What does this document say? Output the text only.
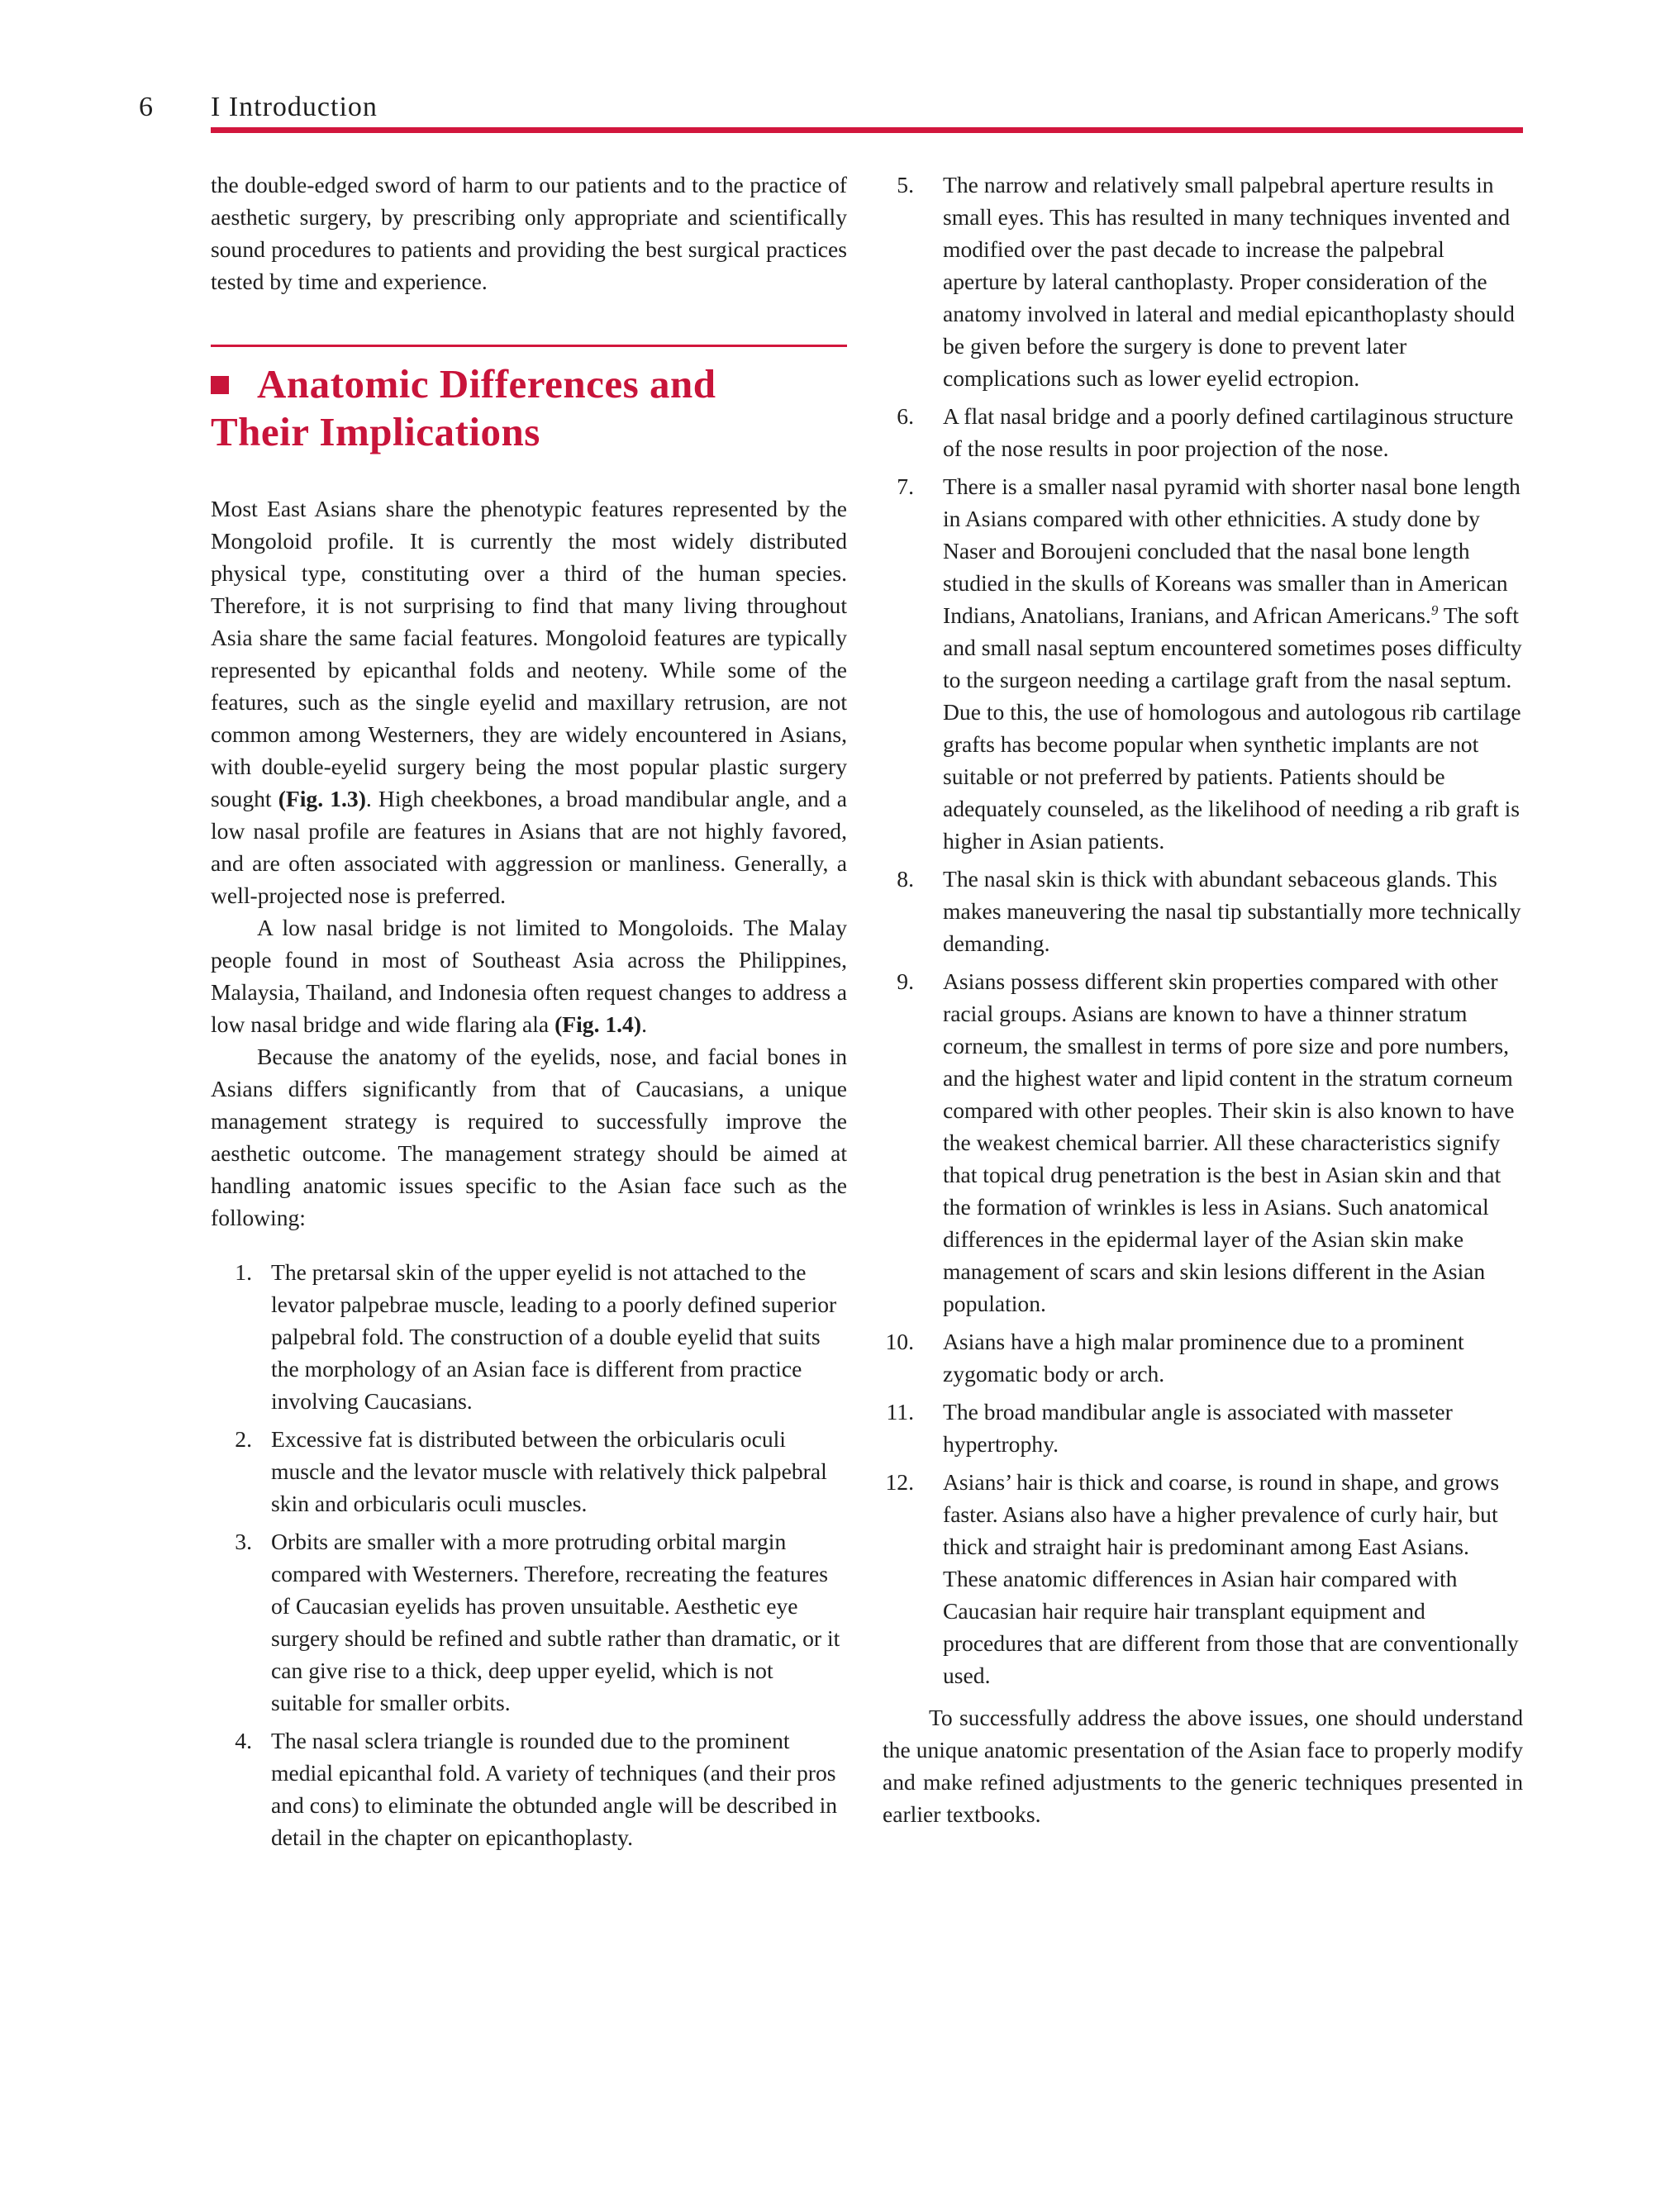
6 I Introduction

the double-edged sword of harm to our patients and to the practice of aesthetic surgery, by prescribing only appropriate and scientifically sound procedures to patients and providing the best surgical practices tested by time and experience.

Anatomic Differences and
Their Implications

Most East Asians share the phenotypic features represented by the Mongoloid profile. It is currently the most widely distributed physical type, constituting over a third of the human species. Therefore, it is not surprising to find that many living throughout Asia share the same facial features. Mongoloid features are typically represented by epicanthal folds and neoteny. While some of the features, such as the single eyelid and maxillary retrusion, are not common among Westerners, they are widely encountered in Asians, with double-eyelid surgery being the most popular plastic surgery sought (Fig. 1.3). High cheekbones, a broad mandibular angle, and a low nasal profile are features in Asians that are not highly favored, and are often associated with aggression or manliness. Generally, a well-projected nose is preferred.

A low nasal bridge is not limited to Mongoloids. The Malay people found in most of Southeast Asia across the Philippines, Malaysia, Thailand, and Indonesia often request changes to address a low nasal bridge and wide flaring ala (Fig. 1.4).

Because the anatomy of the eyelids, nose, and facial bones in Asians differs significantly from that of Caucasians, a unique management strategy is required to successfully improve the aesthetic outcome. The management strategy should be aimed at handling anatomic issues specific to the Asian face such as the following:

1. The pretarsal skin of the upper eyelid is not attached to the levator palpebrae muscle, leading to a poorly defined superior palpebral fold. The construction of a double eyelid that suits the morphology of an Asian face is different from practice involving Caucasians.
2. Excessive fat is distributed between the orbicularis oculi muscle and the levator muscle with relatively thick palpebral skin and orbicularis oculi muscles.
3. Orbits are smaller with a more protruding orbital margin compared with Westerners. Therefore, recreating the features of Caucasian eyelids has proven unsuitable. Aesthetic eye surgery should be refined and subtle rather than dramatic, or it can give rise to a thick, deep upper eyelid, which is not suitable for smaller orbits.
4. The nasal sclera triangle is rounded due to the prominent medial epicanthal fold. A variety of techniques (and their pros and cons) to eliminate the obtunded angle will be described in detail in the chapter on epicanthoplasty.
5. The narrow and relatively small palpebral aperture results in small eyes. This has resulted in many techniques invented and modified over the past decade to increase the palpebral aperture by lateral canthoplasty. Proper consideration of the anatomy involved in lateral and medial epicanthoplasty should be given before the surgery is done to prevent later complications such as lower eyelid ectropion.
6. A flat nasal bridge and a poorly defined cartilaginous structure of the nose results in poor projection of the nose.
7. There is a smaller nasal pyramid with shorter nasal bone length in Asians compared with other ethnicities. A study done by Naser and Boroujeni concluded that the nasal bone length studied in the skulls of Koreans was smaller than in American Indians, Anatolians, Iranians, and African Americans.$^9$ The soft and small nasal septum encountered sometimes poses difficulty to the surgeon needing a cartilage graft from the nasal septum. Due to this, the use of homologous and autologous rib cartilage grafts has become popular when synthetic implants are not suitable or not preferred by patients. Patients should be adequately counseled, as the likelihood of needing a rib graft is higher in Asian patients.
8. The nasal skin is thick with abundant sebaceous glands. This makes maneuvering the nasal tip substantially more technically demanding.
9. Asians possess different skin properties compared with other racial groups. Asians are known to have a thinner stratum corneum, the smallest in terms of pore size and pore numbers, and the highest water and lipid content in the stratum corneum compared with other peoples. Their skin is also known to have the weakest chemical barrier. All these characteristics signify that topical drug penetration is the best in Asian skin and that the formation of wrinkles is less in Asians. Such anatomical differences in the epidermal layer of the Asian skin make management of scars and skin lesions different in the Asian population.
10. Asians have a high malar prominence due to a prominent zygomatic body or arch.
11. The broad mandibular angle is associated with masseter hypertrophy.
12. Asians’ hair is thick and coarse, is round in shape, and grows faster. Asians also have a higher prevalence of curly hair, but thick and straight hair is predominant among East Asians. These anatomic differences in Asian hair compared with Caucasian hair require hair transplant equipment and procedures that are different from those that are conventionally used.

To successfully address the above issues, one should understand the unique anatomic presentation of the Asian face to properly modify and make refined adjustments to the generic techniques presented in earlier textbooks.
